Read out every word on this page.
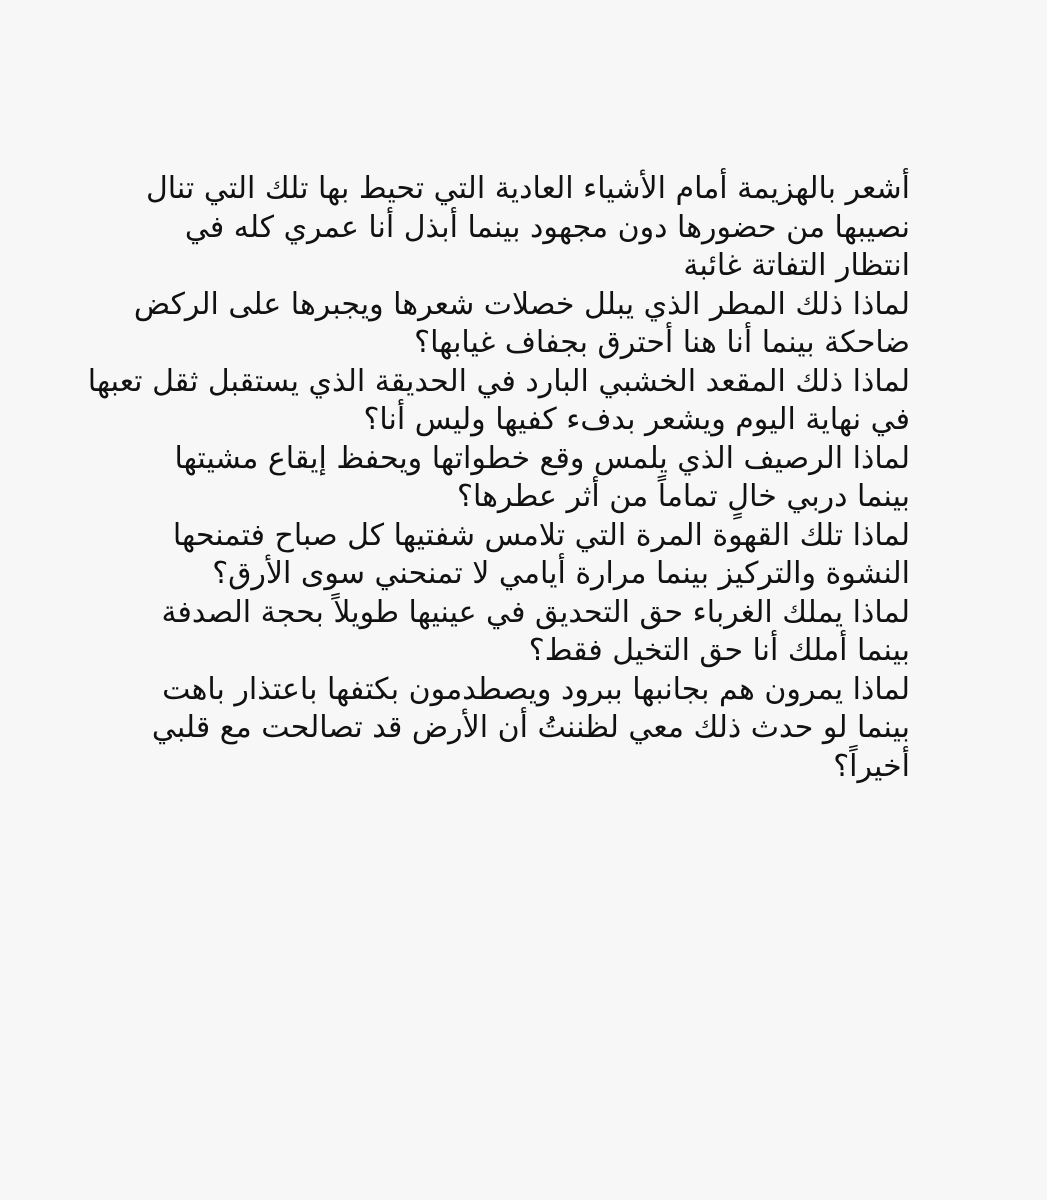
أشعر بالهزيمة أمام الأشياء العادية التي تحيط بها تلك التي تنال
نصيبها من حضورها دون مجهود بينما أبذل أنا عمري كله في
انتظار التفاتة غائبة
لماذا ذلك المطر الذي يبلل خصلات شعرها ويجبرها على الركض
ضاحكة بينما أنا هنا أحترق بجفاف غيابها؟
لماذا ذلك المقعد الخشبي البارد في الحديقة الذي يستقبل ثقل تعبها
في نهاية اليوم ويشعر بدفء كفيها وليس أنا؟
لماذا الرصيف الذي يلمس وقع خطواتها ويحفظ إيقاع مشيتها
بينما دربي خالٍ تماماً من أثر عطرها؟
لماذا تلك القهوة المرة التي تلامس شفتيها كل صباح فتمنحها
النشوة والتركيز بينما مرارة أيامي لا تمنحني سوى الأرق؟
لماذا يملك الغرباء حق التحديق في عينيها طويلاً بحجة الصدفة
بينما أملك أنا حق التخيل فقط؟
لماذا يمرون هم بجانبها ببرود ويصطدمون بكتفها باعتذار باهت
بينما لو حدث ذلك معي لظننتُ أن الأرض قد تصالحت مع قلبي
أخيراً؟
